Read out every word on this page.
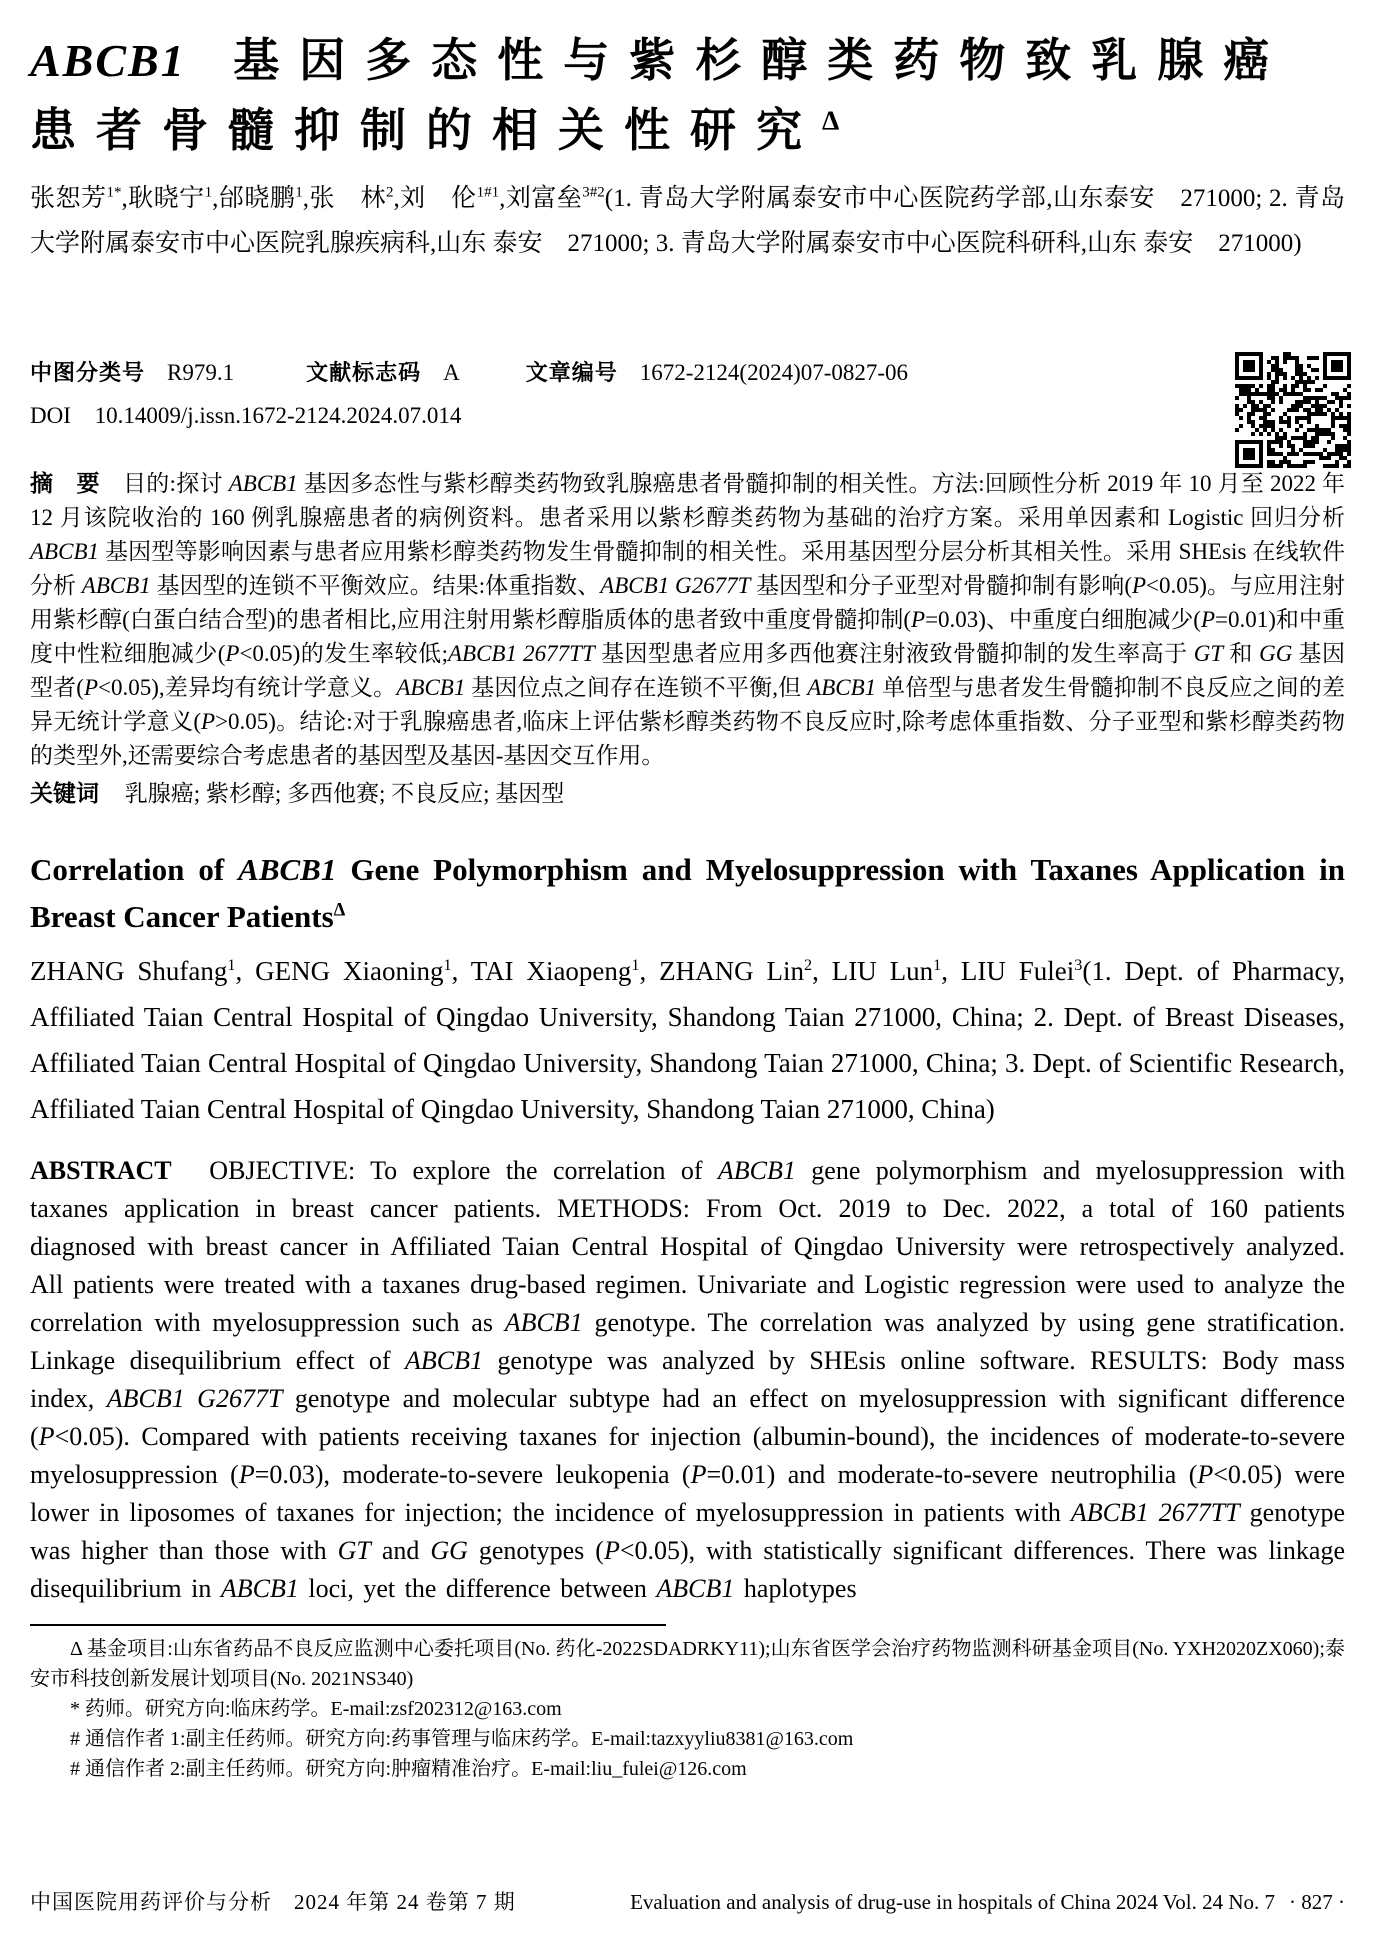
ABCB1 基因多态性与紫杉醇类药物致乳腺癌
患者骨髓抑制的相关性研究$^\Delta$
张恕芳$^{1*}$,耿晓宁$^1$,邰晓鹏$^1$,张　林$^2$,刘　伦$^{1\#1}$,刘富垒$^{3\#2}$(1. 青岛大学附属泰安市中心医院药学部,山东泰安　271000; 2. 青岛大学附属泰安市中心医院乳腺疾病科,山东 泰安　271000; 3. 青岛大学附属泰安市中心医院科研科,山东 泰安　271000)
中图分类号 R979.1	文献标志码 A	文章编号 1672-2124(2024)07-0827-06
DOI 10.14009/j.issn.1672-2124.2024.07.014
摘　要　目的:探讨 ABCB1 基因多态性与紫杉醇类药物致乳腺癌患者骨髓抑制的相关性。方法:回顾性分析 2019 年 10 月至 2022 年 12 月该院收治的 160 例乳腺癌患者的病例资料。患者采用以紫杉醇类药物为基础的治疗方案。采用单因素和 Logistic 回归分析 ABCB1 基因型等影响因素与患者应用紫杉醇类药物发生骨髓抑制的相关性。采用基因型分层分析其相关性。采用 SHEsis 在线软件分析 ABCB1 基因型的连锁不平衡效应。结果:体重指数、ABCB1 G2677T 基因型和分子亚型对骨髓抑制有影响(P<0.05)。与应用注射用紫杉醇(白蛋白结合型)的患者相比,应用注射用紫杉醇脂质体的患者致中重度骨髓抑制(P=0.03)、中重度白细胞减少(P=0.01)和中重度中性粒细胞减少(P<0.05)的发生率较低;ABCB1 2677TT 基因型患者应用多西他赛注射液致骨髓抑制的发生率高于 GT 和 GG 基因型者(P<0.05),差异均有统计学意义。ABCB1 基因位点之间存在连锁不平衡,但 ABCB1 单倍型与患者发生骨髓抑制不良反应之间的差异无统计学意义(P>0.05)。结论:对于乳腺癌患者,临床上评估紫杉醇类药物不良反应时,除考虑体重指数、分子亚型和紫杉醇类药物的类型外,还需要综合考虑患者的基因型及基因-基因交互作用。
关键词 乳腺癌; 紫杉醇; 多西他赛; 不良反应; 基因型
Correlation of ABCB1 Gene Polymorphism and Myelosuppression with Taxanes Application in Breast Cancer Patients$^\Delta$
ZHANG Shufang$^1$, GENG Xiaoning$^1$, TAI Xiaopeng$^1$, ZHANG Lin$^2$, LIU Lun$^1$, LIU Fulei$^3$(1. Dept. of Pharmacy, Affiliated Taian Central Hospital of Qingdao University, Shandong Taian 271000, China; 2. Dept. of Breast Diseases, Affiliated Taian Central Hospital of Qingdao University, Shandong Taian 271000, China; 3. Dept. of Scientific Research, Affiliated Taian Central Hospital of Qingdao University, Shandong Taian 271000, China)
ABSTRACT　OBJECTIVE: To explore the correlation of ABCB1 gene polymorphism and myelosuppression with taxanes application in breast cancer patients. METHODS: From Oct. 2019 to Dec. 2022, a total of 160 patients diagnosed with breast cancer in Affiliated Taian Central Hospital of Qingdao University were retrospectively analyzed. All patients were treated with a taxanes drug-based regimen. Univariate and Logistic regression were used to analyze the correlation with myelosuppression such as ABCB1 genotype. The correlation was analyzed by using gene stratification. Linkage disequilibrium effect of ABCB1 genotype was analyzed by SHEsis online software. RESULTS: Body mass index, ABCB1 G2677T genotype and molecular subtype had an effect on myelosuppression with significant difference (P<0.05). Compared with patients receiving taxanes for injection (albumin-bound), the incidences of moderate-to-severe myelosuppression (P=0.03), moderate-to-severe leukopenia (P=0.01) and moderate-to-severe neutrophilia (P<0.05) were lower in liposomes of taxanes for injection; the incidence of myelosuppression in patients with ABCB1 2677TT genotype was higher than those with GT and GG genotypes (P<0.05), with statistically significant differences. There was linkage disequilibrium in ABCB1 loci, yet the difference between ABCB1 haplotypes

Δ 基金项目:山东省药品不良反应监测中心委托项目(No. 药化-2022SDADRKY11);山东省医学会治疗药物监测科研基金项目(No. YXH2020ZX060);泰安市科技创新发展计划项目(No. 2021NS340)

* 药师。研究方向:临床药学。E-mail:zsf202312@163.com

# 通信作者 1:副主任药师。研究方向:药事管理与临床药学。E-mail:tazxyyliu8381@163.com

# 通信作者 2:副主任药师。研究方向:肿瘤精准治疗。E-mail:liu_fulei@126.com

中国医院用药评价与分析　2024 年第 24 卷第 7 期	Evaluation and analysis of drug-use in hospitals of China 2024 Vol. 24 No. 7 · 827 ·
